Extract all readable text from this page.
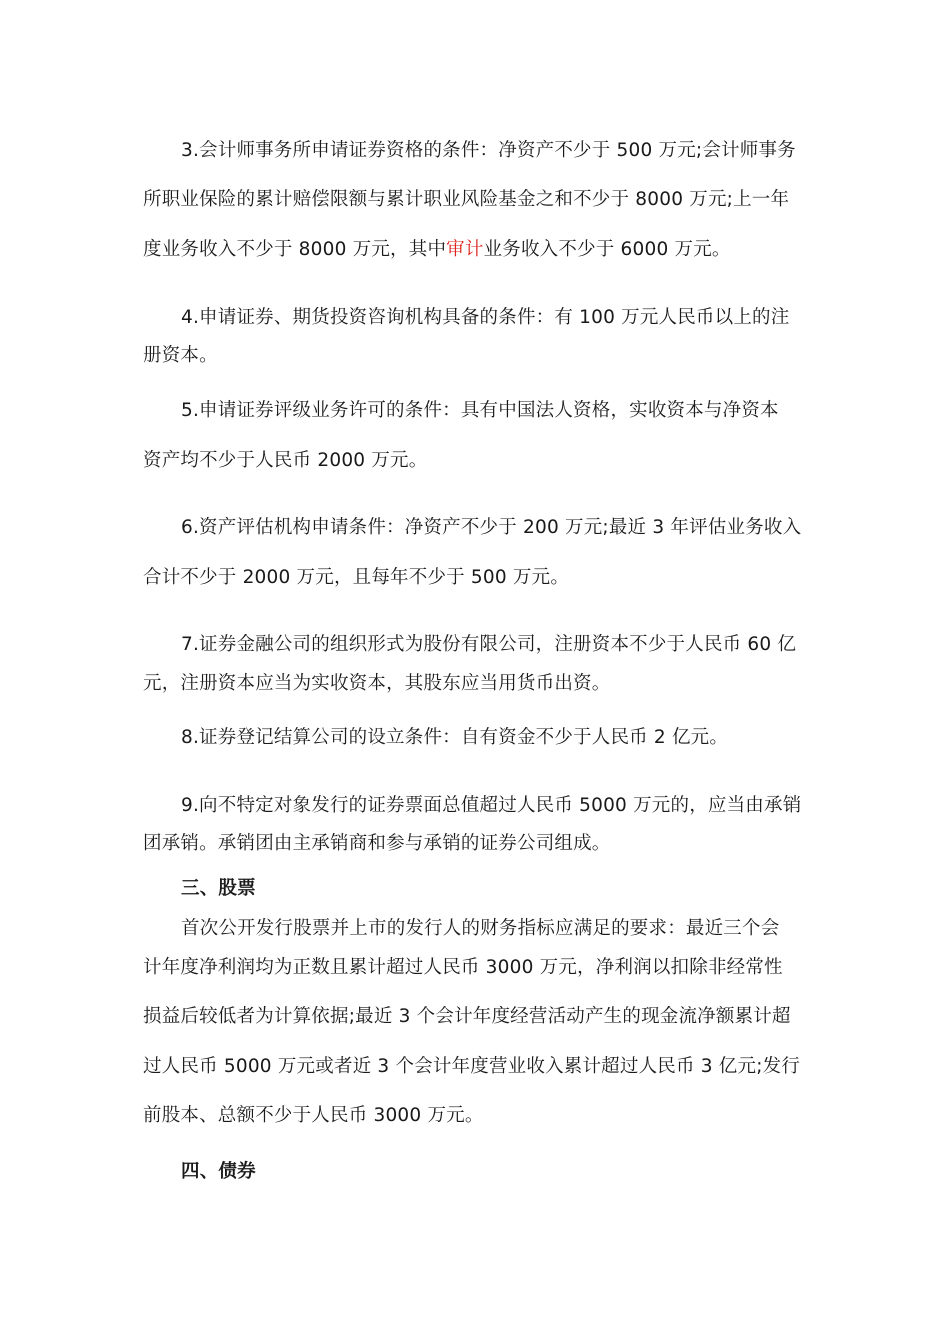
3.会计师事务所申请证券资格的条件：净资产不少于 500 万元;会计师事务
所职业保险的累计赔偿限额与累计职业风险基金之和不少于 8000 万元;上一年
度业务收入不少于 8000 万元，其中审计业务收入不少于 6000 万元。
4.申请证券、期货投资咨询机构具备的条件：有 100 万元人民币以上的注
册资本。
5.申请证券评级业务许可的条件：具有中国法人资格，实收资本与净资本
资产均不少于人民币 2000 万元。
6.资产评估机构申请条件：净资产不少于 200 万元;最近 3 年评估业务收入
合计不少于 2000 万元，且每年不少于 500 万元。
7.证券金融公司的组织形式为股份有限公司，注册资本不少于人民币 60 亿
元，注册资本应当为实收资本，其股东应当用货币出资。
8.证券登记结算公司的设立条件：自有资金不少于人民币 2 亿元。
9.向不特定对象发行的证券票面总值超过人民币 5000 万元的，应当由承销
团承销。承销团由主承销商和参与承销的证券公司组成。
三、股票
首次公开发行股票并上市的发行人的财务指标应满足的要求：最近三个会
计年度净利润均为正数且累计超过人民币 3000 万元，净利润以扣除非经常性
损益后较低者为计算依据;最近 3 个会计年度经营活动产生的现金流净额累计超
过人民币 5000 万元或者近 3 个会计年度营业收入累计超过人民币 3 亿元;发行
前股本、总额不少于人民币 3000 万元。
四、债券
